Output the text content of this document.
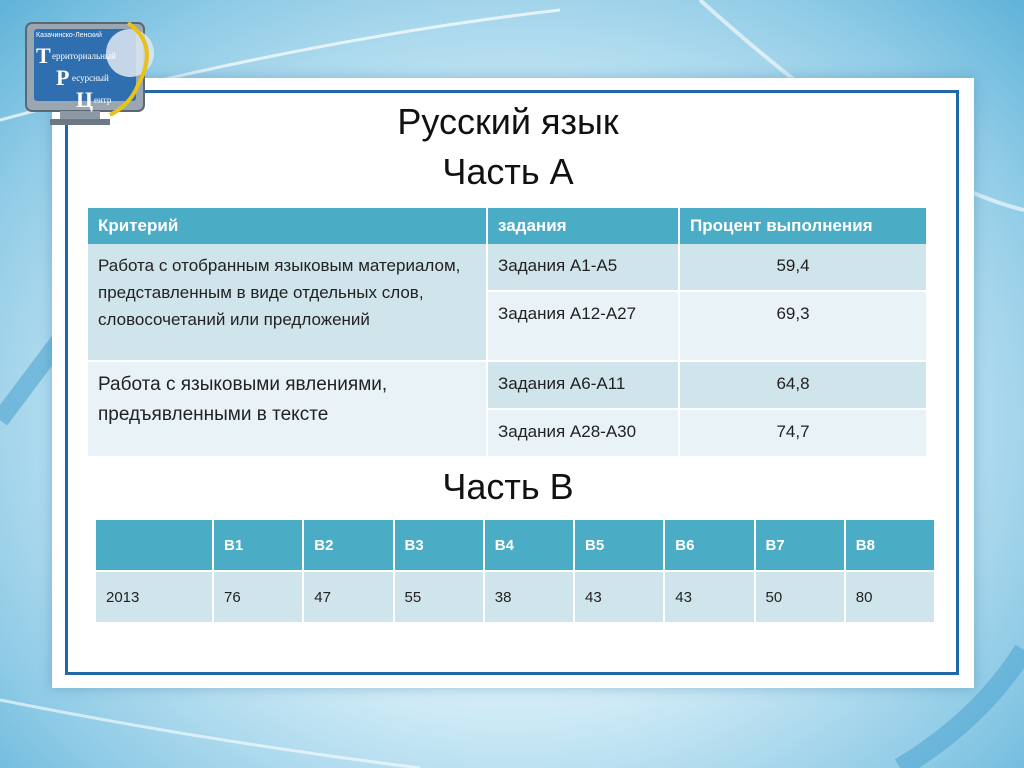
Казачинско-Ленский
Т ерриториальный
Р есурсный
Ц ентр
Русский язык
Часть А
Критерий	задания	Процент выполнения
Работа с отобранным языковым материалом, представленным в виде отдельных слов, словосочетаний или предложений	Задания А1-А5	59,4
	Задания А12-А27	69,3
Работа с языковыми явлениями, предъявленными в тексте	Задания А6-А11	64,8
	Задания А28-А30	74,7
Часть В
	В1	В2	В3	В4	В5	В6	В7	В8
2013	76	47	55	38	43	43	50	80
